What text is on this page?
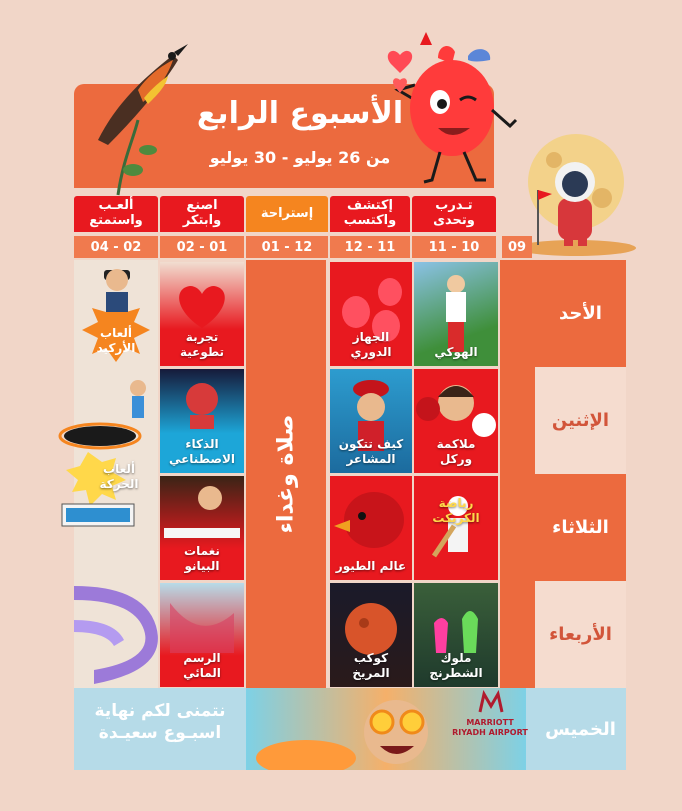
الأسبوع الرابع
من 26 يوليو - 30 يوليو
تـدرب
وتحدى
إكتشف
واكتسب
إستراحة
اصنع
وابتكر
ألعـب
واستمتع
09
11 - 10
12 - 11
01 - 12
02 - 01
04 - 02
الأحد
الإثنين
الثلاثاء
الأربعاء
الهوكي
ملاكمة
وركل
رياضة
الكريكت
ملوك
الشطرنج
الجهاز الدوري
كيف تتكون
المشاعر
عالم الطيور
كوكب المريخ
صلاة وغداء
تجربة
تطوعية
الذكاء
الاصطناعي
نغمات
البيانو
الرسم
المائي
ألعاب
الأركيد
ألعاب
الحركة
MARRIOTT
RIYADH AIRPORT الخميس
نتمنى لكم نهاية
اسبـوع سعيـدة
